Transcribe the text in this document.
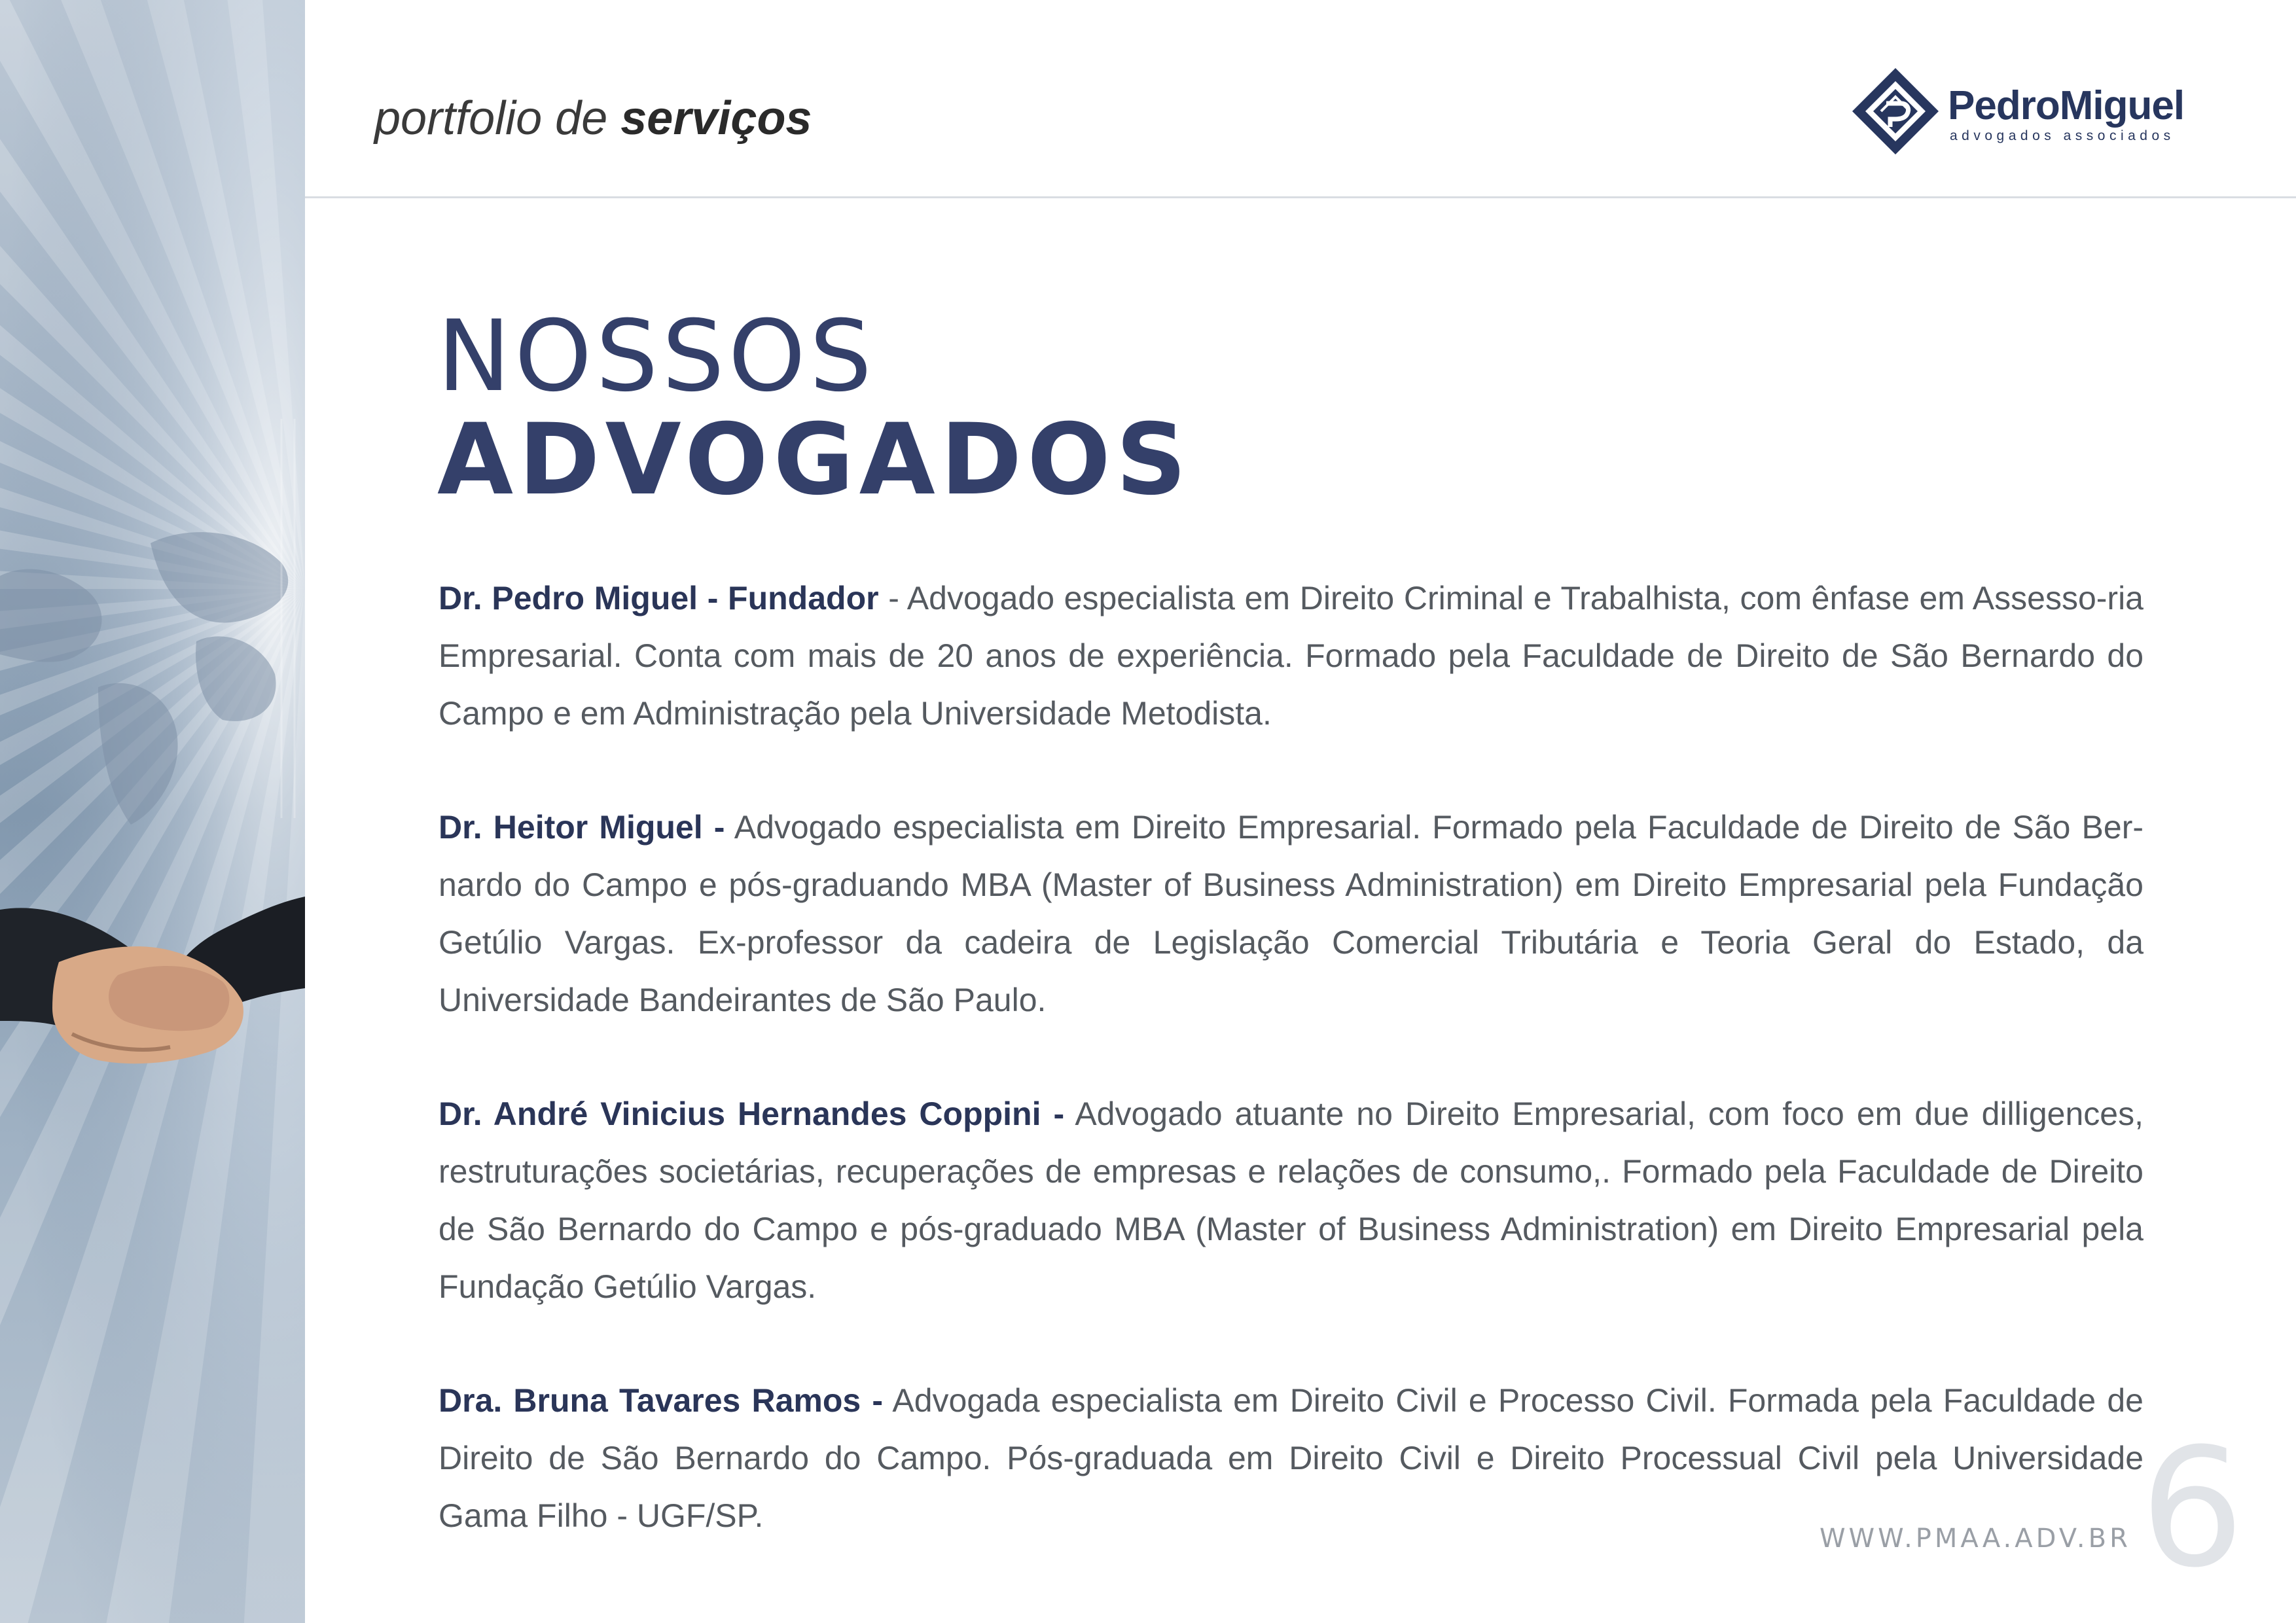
portfolio de serviços	PedroMiguel
advogados associados
NOSSOS
ADVOGADOS

Dr. Pedro Miguel - Fundador - Advogado especialista em Direito Criminal e Trabalhista, com ênfase em Assesso-ria Empresarial. Conta com mais de 20 anos de experiência. Formado pela Faculdade de Direito de São Bernardo do Campo e em Administração pela Universidade Metodista.

Dr. Heitor Miguel - Advogado especialista em Direito Empresarial. Formado pela Faculdade de Direito de São Ber-nardo do Campo e pós-graduando MBA (Master of Business Administration) em Direito Empresarial pela Fundação Getúlio Vargas. Ex-professor da cadeira de Legislação Comercial Tributária e Teoria Geral do Estado, da Universidade Bandeirantes de São Paulo.

Dr. André Vinicius Hernandes Coppini - Advogado atuante no Direito Empresarial, com foco em due dilligences, restruturações societárias, recuperações de empresas e relações de consumo,. Formado pela Faculdade de Direito de São Bernardo do Campo e pós-graduado MBA (Master of Business Administration) em Direito Empresarial pela Fundação Getúlio Vargas.

Dra. Bruna Tavares Ramos - Advogada especialista em Direito Civil e Processo Civil. Formada pela Faculdade de Direito de São Bernardo do Campo. Pós-graduada em Direito Civil e Direito Processual Civil pela Universidade Gama Filho - UGF/SP.

WWW.PMAA.ADV.BR 6
